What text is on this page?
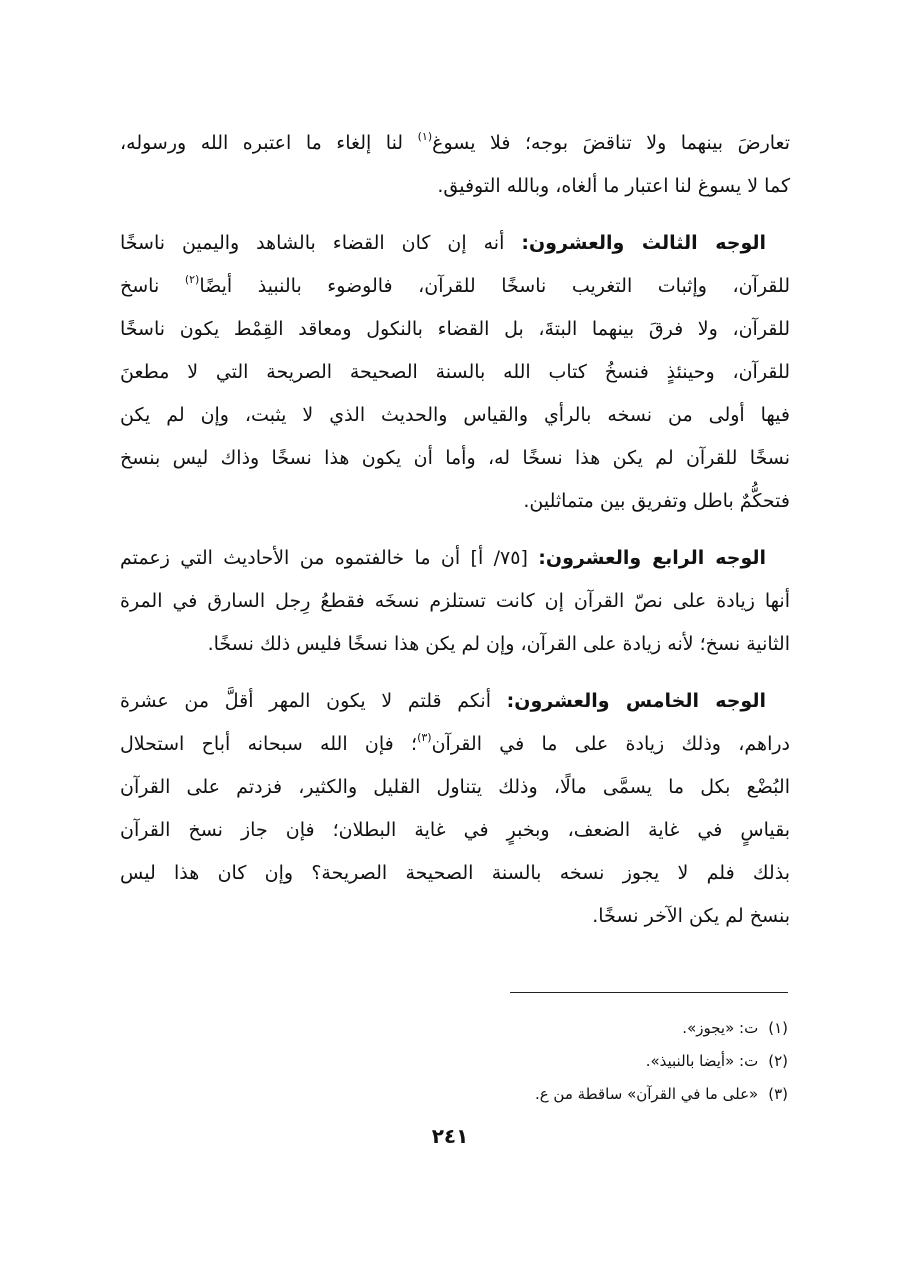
تعارضَ بينهما ولا تناقضَ بوجه؛ فلا يسوغ$^{(١)}$ لنا إلغاء ما اعتبره الله ورسوله،
كما لا يسوغ لنا اعتبار ما ألغاه، وبالله التوفيق.
الوجه الثالث والعشرون: أنه إن كان القضاء بالشاهد واليمين ناسخًا
للقرآن، وإثبات التغريب ناسخًا للقرآن، فالوضوء بالنبيذ أيضًا$^{(٢)}$ ناسخ
للقرآن، ولا فرقَ بينهما البتةَ، بل القضاء بالنكول ومعاقد القِمْط يكون ناسخًا
للقرآن، وحينئذٍ فنسخُ كتاب الله بالسنة الصحيحة الصريحة التي لا مطعنَ
فيها أولى من نسخه بالرأي والقياس والحديث الذي لا يثبت، وإن لم يكن
نسخًا للقرآن لم يكن هذا نسخًا له، وأما أن يكون هذا نسخًا وذاك ليس بنسخ
فتحكُّمٌ باطل وتفريق بين متماثلين.
الوجه الرابع والعشرون: [٧٥/ أ] أن ما خالفتموه من الأحاديث التي زعمتم
أنها زيادة على نصّ القرآن إن كانت تستلزم نسخَه فقطعُ رِجل السارق في المرة
الثانية نسخ؛ لأنه زيادة على القرآن، وإن لم يكن هذا نسخًا فليس ذلك نسخًا.
الوجه الخامس والعشرون: أنكم قلتم لا يكون المهر أقلَّ من عشرة
دراهم، وذلك زيادة على ما في القرآن$^{(٣)}$؛ فإن الله سبحانه أباح استحلال
البُضْع بكل ما يسمَّى مالًا، وذلك يتناول القليل والكثير، فزدتم على القرآن
بقياسٍ في غاية الضعف، وبخبرٍ في غاية البطلان؛ فإن جاز نسخ القرآن
بذلك فلم لا يجوز نسخه بالسنة الصحيحة الصريحة؟ وإن كان هذا ليس
بنسخ لم يكن الآخر نسخًا.
(١)ت: «يجوز».
(٢)ت: «أيضا بالنبيذ».
(٣)«على ما في القرآن» ساقطة من ع.
٢٤١
